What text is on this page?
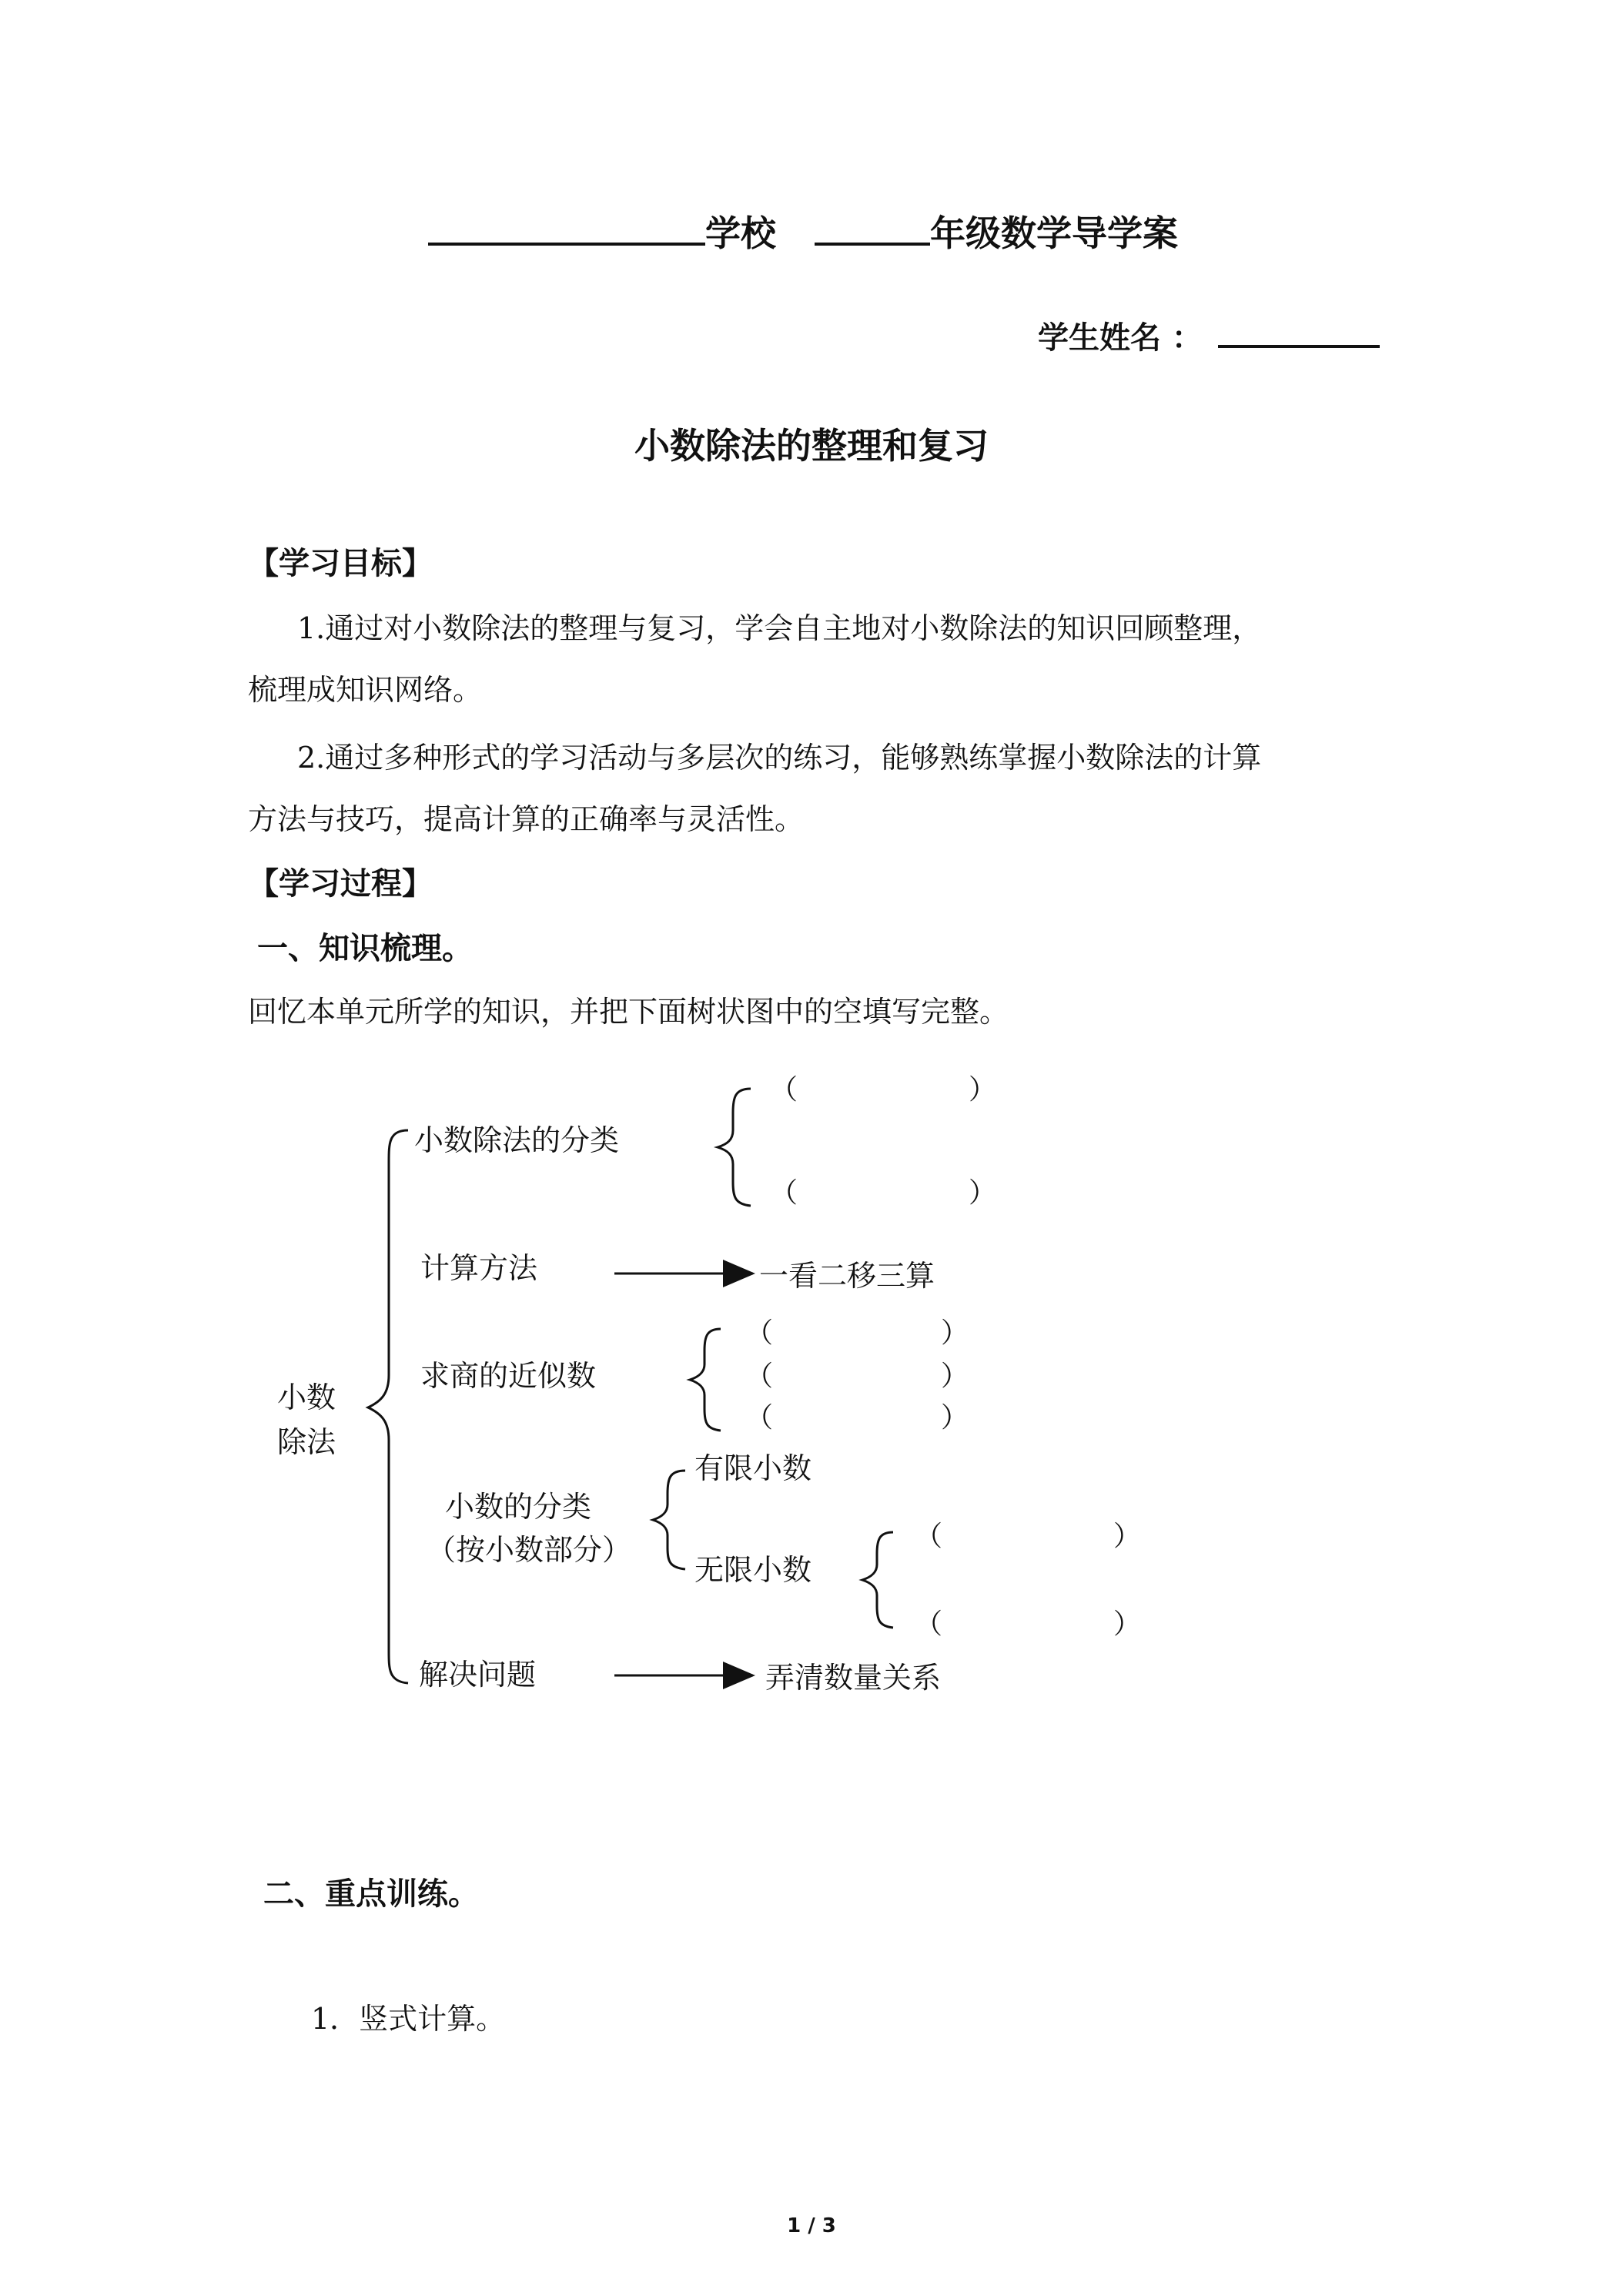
学校	年级数学导学案
学生姓名 ：
小数除法的整理和复习
【学习目标】
1.通过对小数除法的整理与复习，学会自主地对小数除法的知识回顾整理，
梳理成知识网络。
2.通过多种形式的学习活动与多层次的练习，能够熟练掌握小数除法的计算
方法与技巧，提高计算的正确率与灵活性。
【学习过程】
一、知识梳理。
回忆本单元所学的知识，并把下面树状图中的空填写完整。
小数
除法
小数除法的分类
（	）
（	）
计算方法	一看二移三算
求商的近似数
（	）
（	）
（	）
小数的分类
（按小数部分）
有限小数
无限小数
（	）
（	）
解决问题	弄清数量关系
二、重点训练。
1．竖式计算。
1 / 3
